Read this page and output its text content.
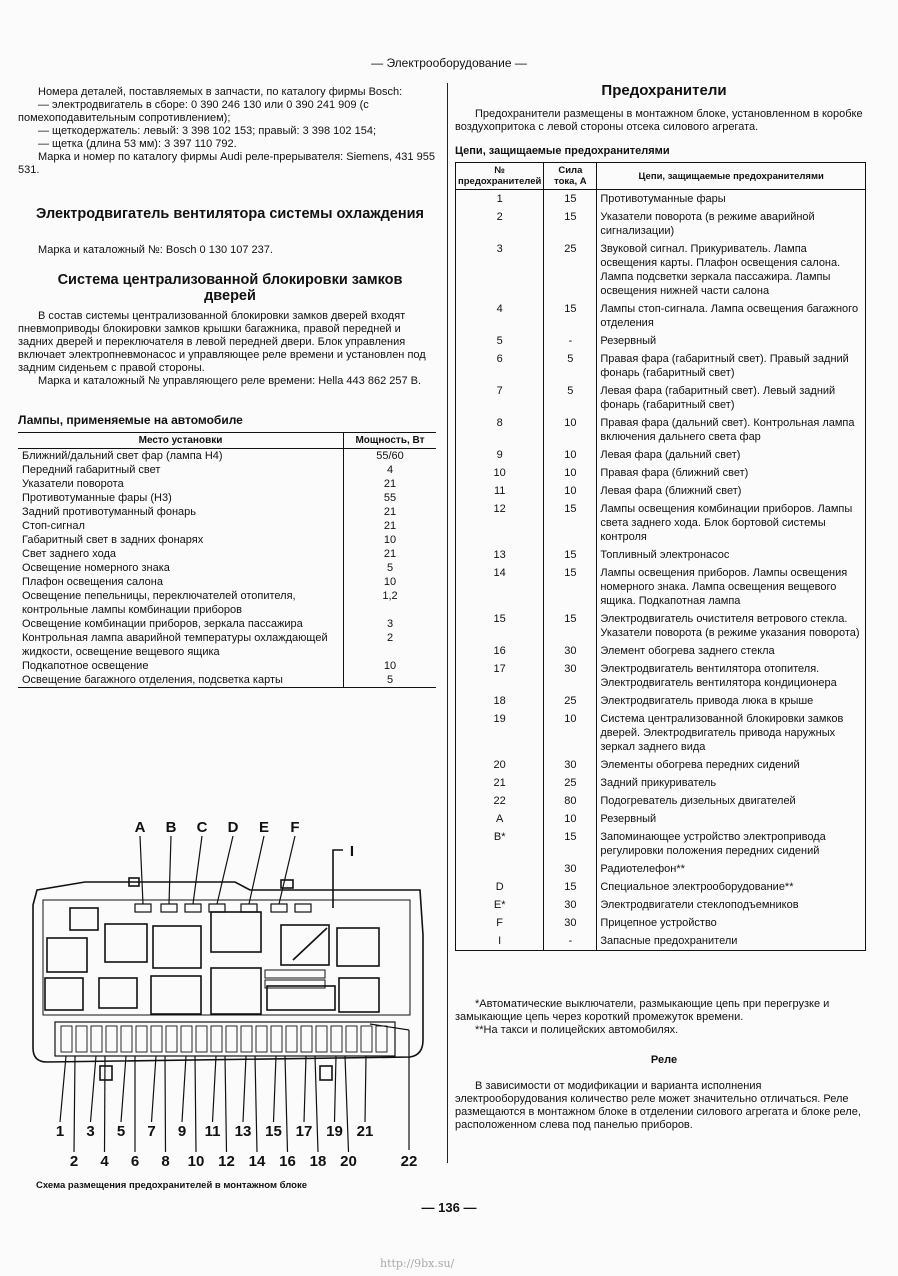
— Электрооборудование —

Номера деталей, поставляемых в запчасти, по каталогу фирмы Bosch:

— электродвигатель в сборе: 0 390 246 130 или 0 390 241 909 (с помехоподавительным сопротивлением);

— щеткодержатель: левый: 3 398 102 153; правый: 3 398 102 154;

— щетка (длина 53 мм): 3 397 110 792.

Марка и номер по каталогу фирмы Audi реле-прерывателя: Siemens, 431 955 531.

Электродвигатель вентилятора системы охлаждения

Марка и каталожный №: Bosch 0 130 107 237.

Система централизованной блокировки замков дверей

В состав системы централизованной блокировки замков дверей входят пневмоприводы блокировки замков крышки багажника, правой передней и задних дверей и переключателя в левой передней двери. Блок управления включает электропневмонасос и управляющее реле времени и установлен под задним сиденьем с правой стороны.

Марка и каталожный № управляющего реле времени: Hella 443 862 257 В.

Лампы, применяемые на автомобиле
Место установки	Мощность, Вт
Ближний/дальний свет фар (лампа Н4)	55/60
Передний габаритный свет	4
Указатели поворота	21
Противотуманные фары (Н3)	55
Задний противотуманный фонарь	21
Стоп-сигнал	21
Габаритный свет в задних фонарях	10
Свет заднего хода	21
Освещение номерного знака	5
Плафон освещения салона	10
Освещение пепельницы, переключателей отопителя, контрольные лампы комбинации приборов	1,2
Освещение комбинации приборов, зеркала пассажира	3
Контрольная лампа аварийной температуры охлаждающей жидкости, освещение вещевого ящика	2
Подкапотное освещение	10
Освещение багажного отделения, подсветка карты	5
A B C D E F
I
1 3 5 7 9 11 13 15 17 19 21
2 4 6 8 10 12 14 16 18 20	22
Схема размещения предохранителей в монтажном блоке
Предохранители

Предохранители размещены в монтажном блоке, установленном в коробке воздухопритока с левой стороны отсека силового агрегата.

Цепи, защищаемые предохранителями
№ предохранителей	Сила тока, А	Цепи, защищаемые предохранителями
1	15	Противотуманные фары
2	15	Указатели поворота (в режиме аварийной сигнализации)
3	25	Звуковой сигнал. Прикуриватель. Лампа освещения карты. Плафон освещения салона. Лампа подсветки зеркала пассажира. Лампы освещения нижней части салона
4	15	Лампы стоп-сигнала. Лампа освещения багажного отделения
5	-	Резервный
6	5	Правая фара (габаритный свет). Правый задний фонарь (габаритный свет)
7	5	Левая фара (габаритный свет). Левый задний фонарь (габаритный свет)
8	10	Правая фара (дальний свет). Контрольная лампа включения дальнего света фар
9	10	Левая фара (дальний свет)
10	10	Правая фара (ближний свет)
11	10	Левая фара (ближний свет)
12	15	Лампы освещения комбинации приборов. Лампы света заднего хода. Блок бортовой системы контроля
13	15	Топливный электронасос
14	15	Лампы освещения приборов. Лампы освещения номерного знака. Лампа освещения вещевого ящика. Подкапотная лампа
15	15	Электродвигатель очистителя ветрового стекла. Указатели поворота (в режиме указания поворота)
16	30	Элемент обогрева заднего стекла
17	30	Электродвигатель вентилятора отопителя. Электродвигатель вентилятора кондиционера
18	25	Электродвигатель привода люка в крыше
19	10	Система централизованной блокировки замков дверей. Электродвигатель привода наружных зеркал заднего вида
20	30	Элементы обогрева передних сидений
21	25	Задний прикуриватель
22	80	Подогреватель дизельных двигателей
А	10	Резервный
В*	15	Запоминающее устройство электропривода регулировки положения передних сидений
	30	Радиотелефон**
D	15	Специальное электрооборудование**
Е*	30	Электродвигатели стеклоподъемников
F	30	Прицепное устройство
I	-	Запасные предохранители

*Автоматические выключатели, размыкающие цепь при перегрузке и замыкающие цепь через короткий промежуток времени.

**На такси и полицейских автомобилях.

Реле

В зависимости от модификации и варианта исполнения электрооборудования количество реле может значительно отличаться. Реле размещаются в монтажном блоке в отделении силового агрегата и блоке реле, расположенном слева под панелью приборов.

— 136 —
http://9bx.su/
